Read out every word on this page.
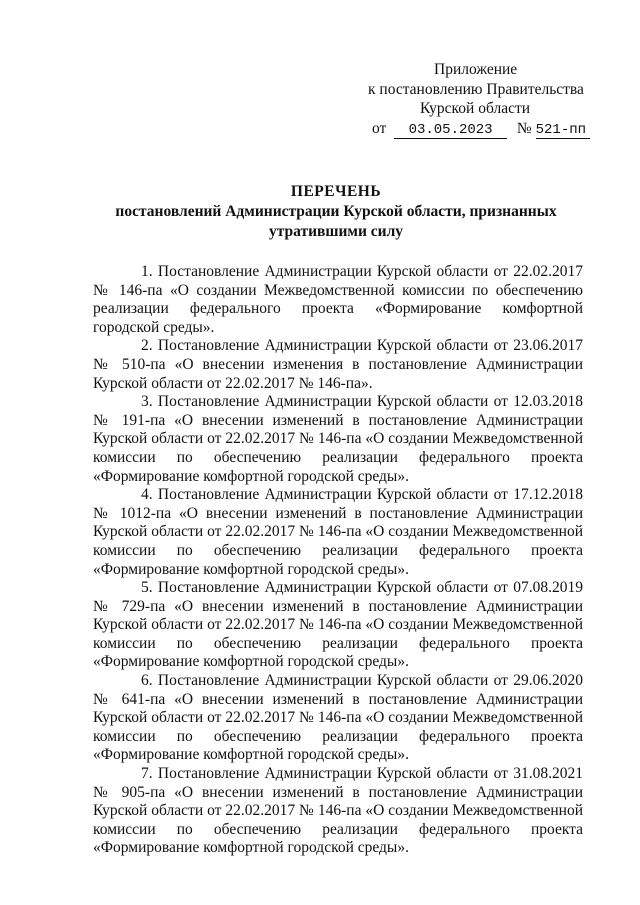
Приложение
к постановлению Правительства
Курской области
от	03.05.2023	№ 521-пп
ПЕРЕЧЕНЬ
постановлений Администрации Курской области, признанных утратившими силу

1. Постановление Администрации Курской области от 22.02.2017 № 146-па «О создании Межведомственной комиссии по обеспечению реализации федерального проекта «Формирование комфортной городской среды».

2. Постановление Администрации Курской области от 23.06.2017 № 510-па «О внесении изменения в постановление Администрации Курской области от 22.02.2017 № 146-па».

3. Постановление Администрации Курской области от 12.03.2018 № 191-па «О внесении изменений в постановление Администрации Курской области от 22.02.2017 № 146-па «О создании Межведомственной комиссии по обеспечению реализации федерального проекта «Формирование комфортной городской среды».

4. Постановление Администрации Курской области от 17.12.2018 № 1012-па «О внесении изменений в постановление Администрации Курской области от 22.02.2017 № 146-па «О создании Межведомственной комиссии по обеспечению реализации федерального проекта «Формирование комфортной городской среды».

5. Постановление Администрации Курской области от 07.08.2019 № 729-па «О внесении изменений в постановление Администрации Курской области от 22.02.2017 № 146-па «О создании Межведомственной комиссии по обеспечению реализации федерального проекта «Формирование комфортной городской среды».

6. Постановление Администрации Курской области от 29.06.2020 № 641-па «О внесении изменений в постановление Администрации Курской области от 22.02.2017 № 146-па «О создании Межведомственной комиссии по обеспечению реализации федерального проекта «Формирование комфортной городской среды».

7. Постановление Администрации Курской области от 31.08.2021 № 905-па «О внесении изменений в постановление Администрации Курской области от 22.02.2017 № 146-па «О создании Межведомственной комиссии по обеспечению реализации федерального проекта «Формирование комфортной городской среды».
